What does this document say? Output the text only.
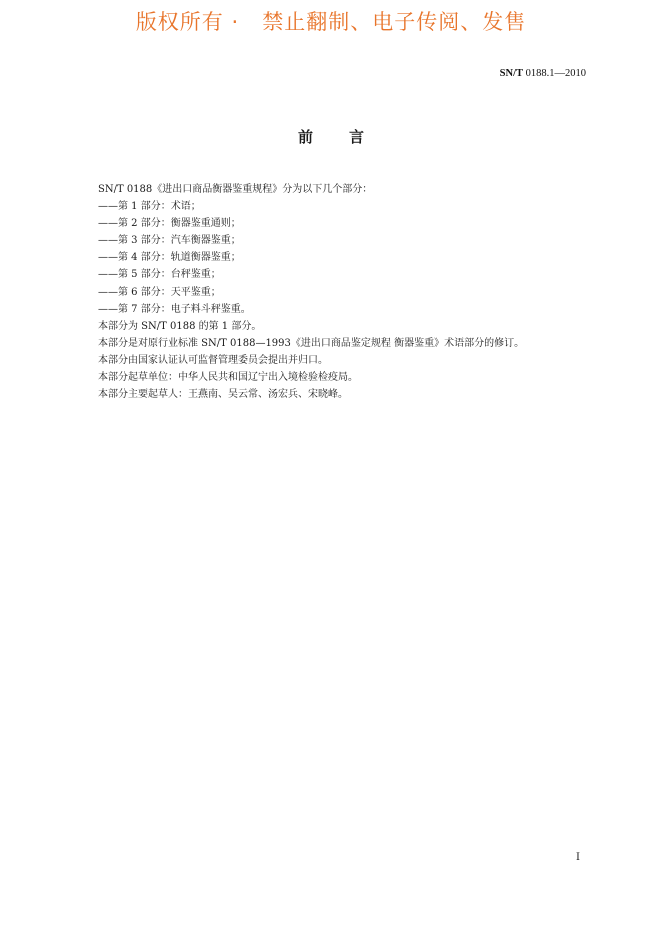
版权所有 ·   禁止翻制、电子传阅、发售
SN/T 0188.1—2010
前言
SN/T 0188《进出口商品衡器鉴重规程》分为以下几个部分：
——第 1 部分：术语；
——第 2 部分：衡器鉴重通则；
——第 3 部分：汽车衡器鉴重；
——第 4 部分：轨道衡器鉴重；
——第 5 部分：台秤鉴重；
——第 6 部分：天平鉴重；
——第 7 部分：电子料斗秤鉴重。
本部分为 SN/T 0188 的第 1 部分。
本部分是对原行业标准 SN/T 0188—1993《进出口商品鉴定规程 衡器鉴重》术语部分的修订。
本部分由国家认证认可监督管理委员会提出并归口。
本部分起草单位：中华人民共和国辽宁出入境检验检疫局。
本部分主要起草人：王燕南、吴云常、汤宏兵、宋晓峰。
I
